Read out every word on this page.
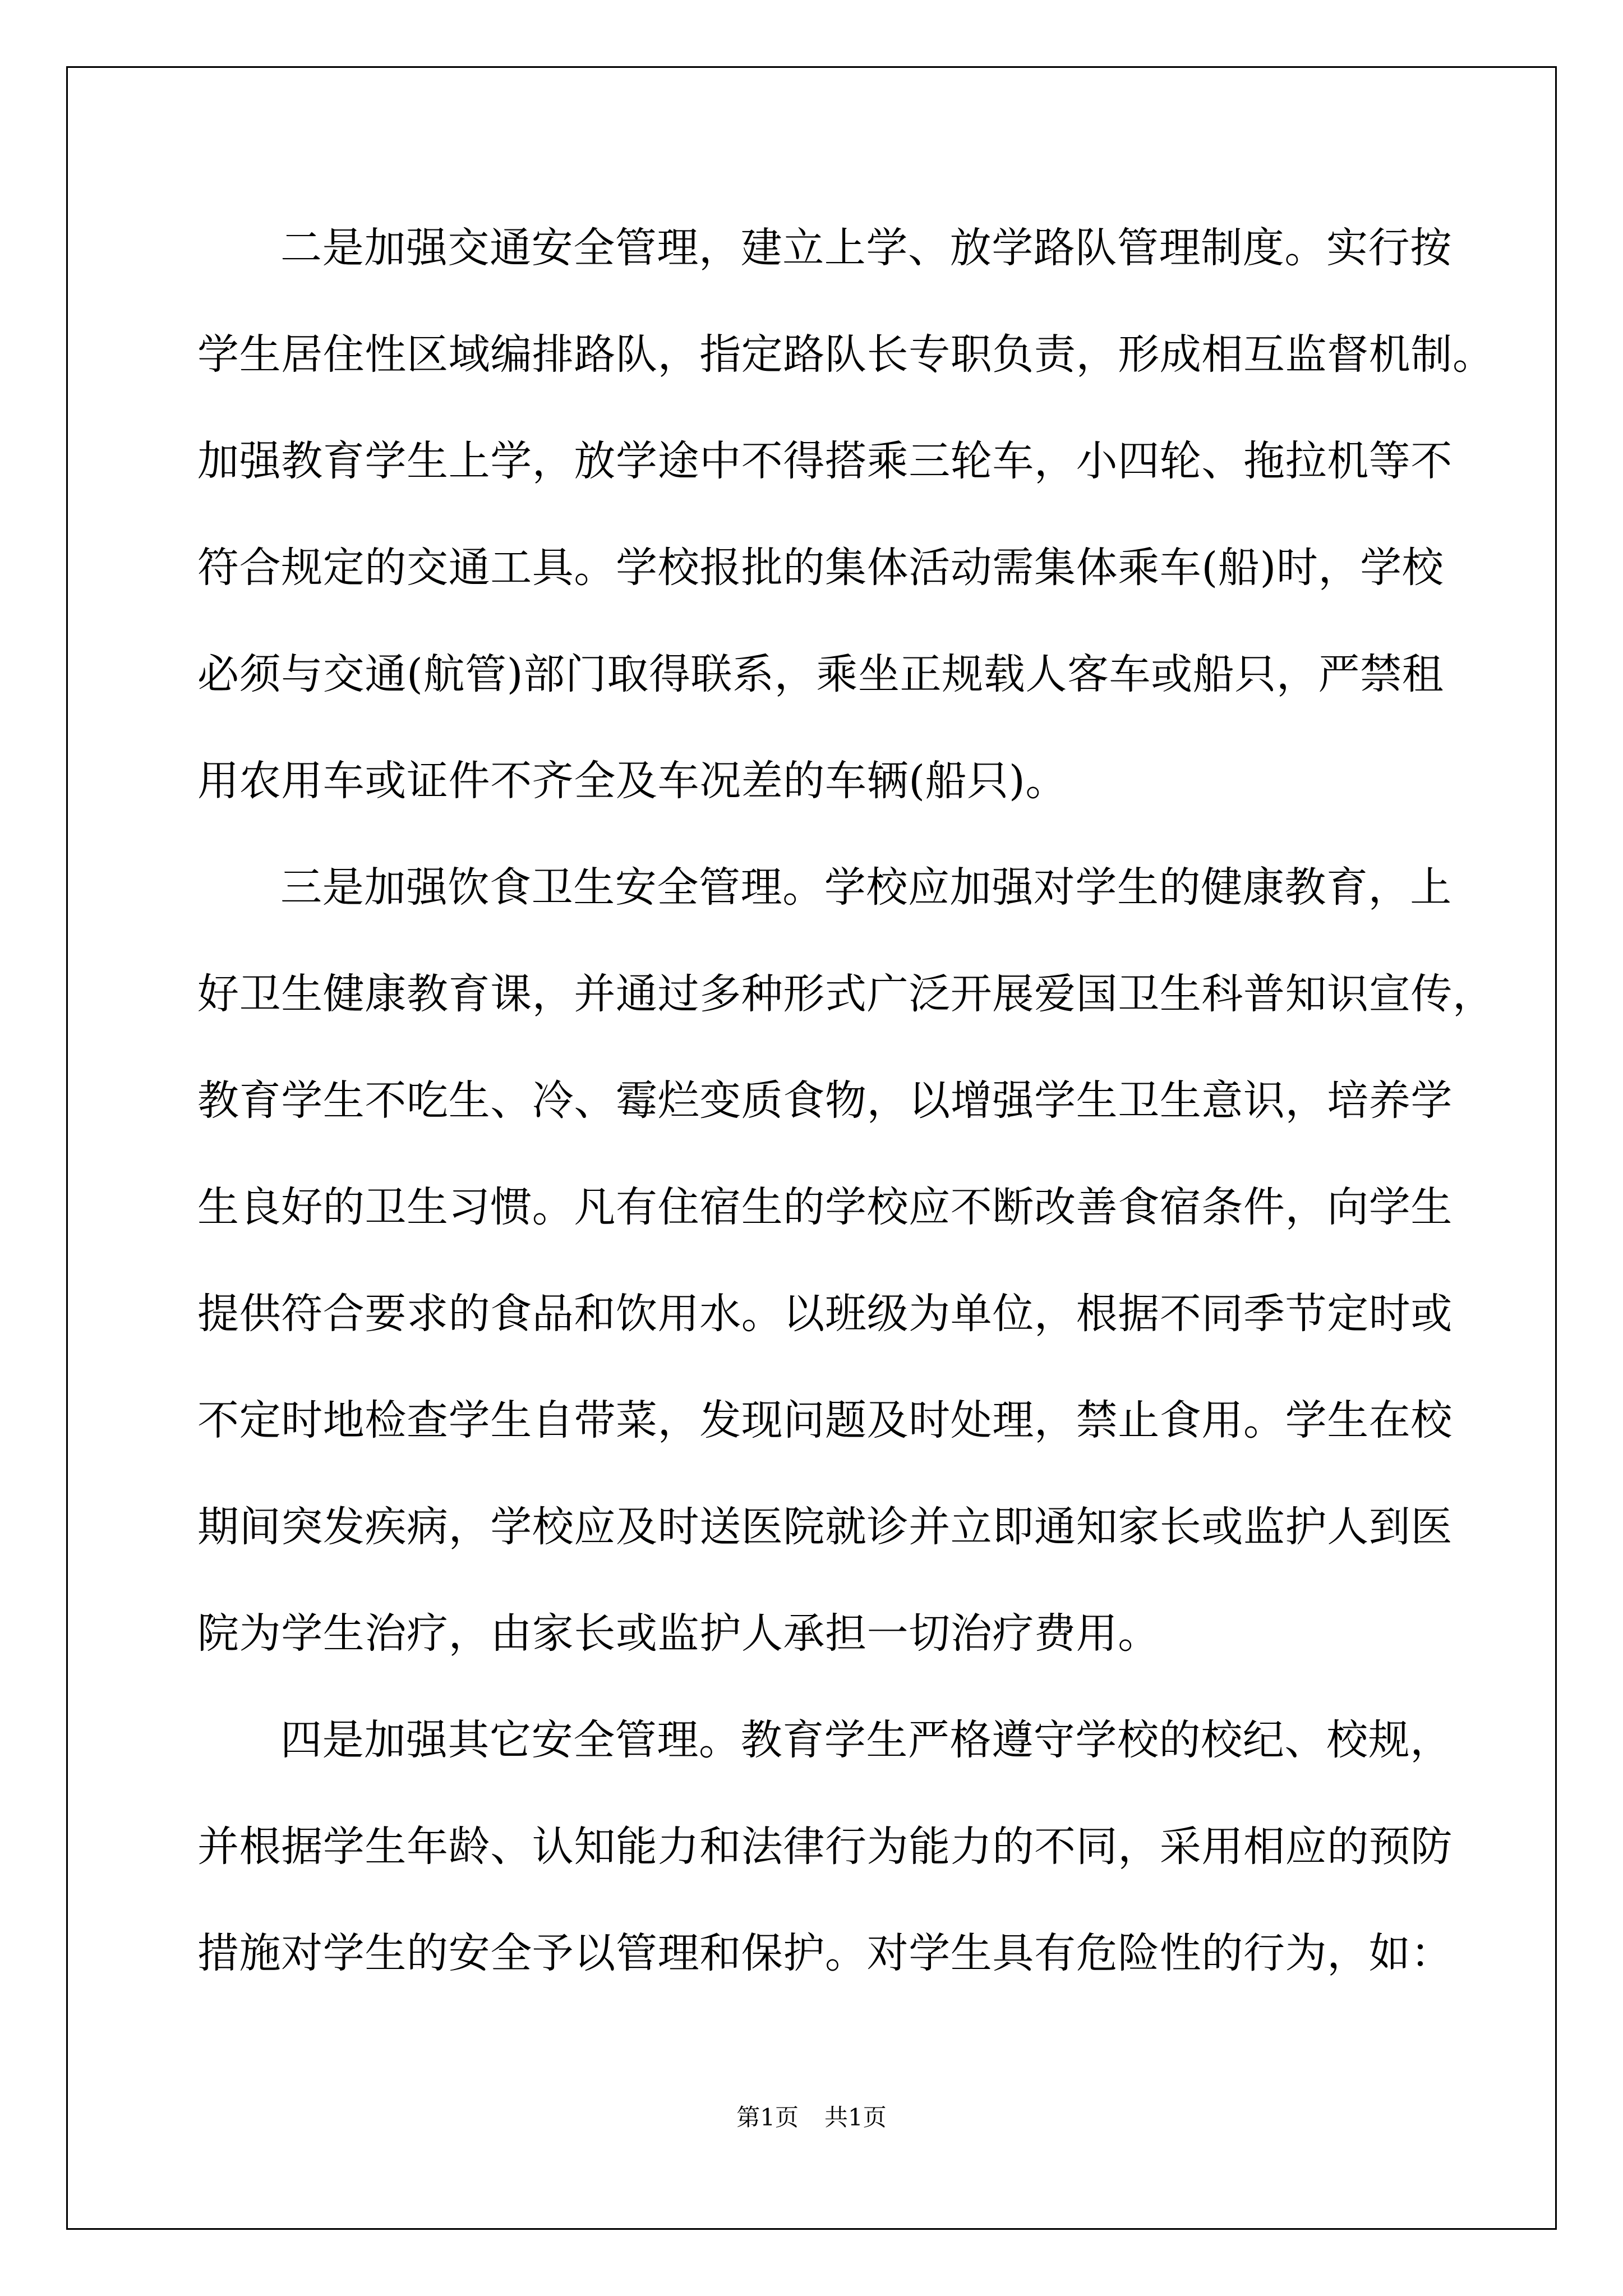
二是加强交通安全管理，建立上学、放学路队管理制度。实行按
学生居住性区域编排路队，指定路队长专职负责，形成相互监督机制。
加强教育学生上学，放学途中不得搭乘三轮车，小四轮、拖拉机等不
符合规定的交通工具。学校报批的集体活动需集体乘车(船)时，学校
必须与交通(航管)部门取得联系，乘坐正规载人客车或船只，严禁租
用农用车或证件不齐全及车况差的车辆(船只)。
三是加强饮食卫生安全管理。学校应加强对学生的健康教育，上
好卫生健康教育课，并通过多种形式广泛开展爱国卫生科普知识宣传，
教育学生不吃生、冷、霉烂变质食物，以增强学生卫生意识，培养学
生良好的卫生习惯。凡有住宿生的学校应不断改善食宿条件，向学生
提供符合要求的食品和饮用水。以班级为单位，根据不同季节定时或
不定时地检查学生自带菜，发现问题及时处理，禁止食用。学生在校
期间突发疾病，学校应及时送医院就诊并立即通知家长或监护人到医
院为学生治疗，由家长或监护人承担一切治疗费用。
四是加强其它安全管理。教育学生严格遵守学校的校纪、校规，
并根据学生年龄、认知能力和法律行为能力的不同，采用相应的预防
措施对学生的安全予以管理和保护。对学生具有危险性的行为，如：
第1页 共1页
